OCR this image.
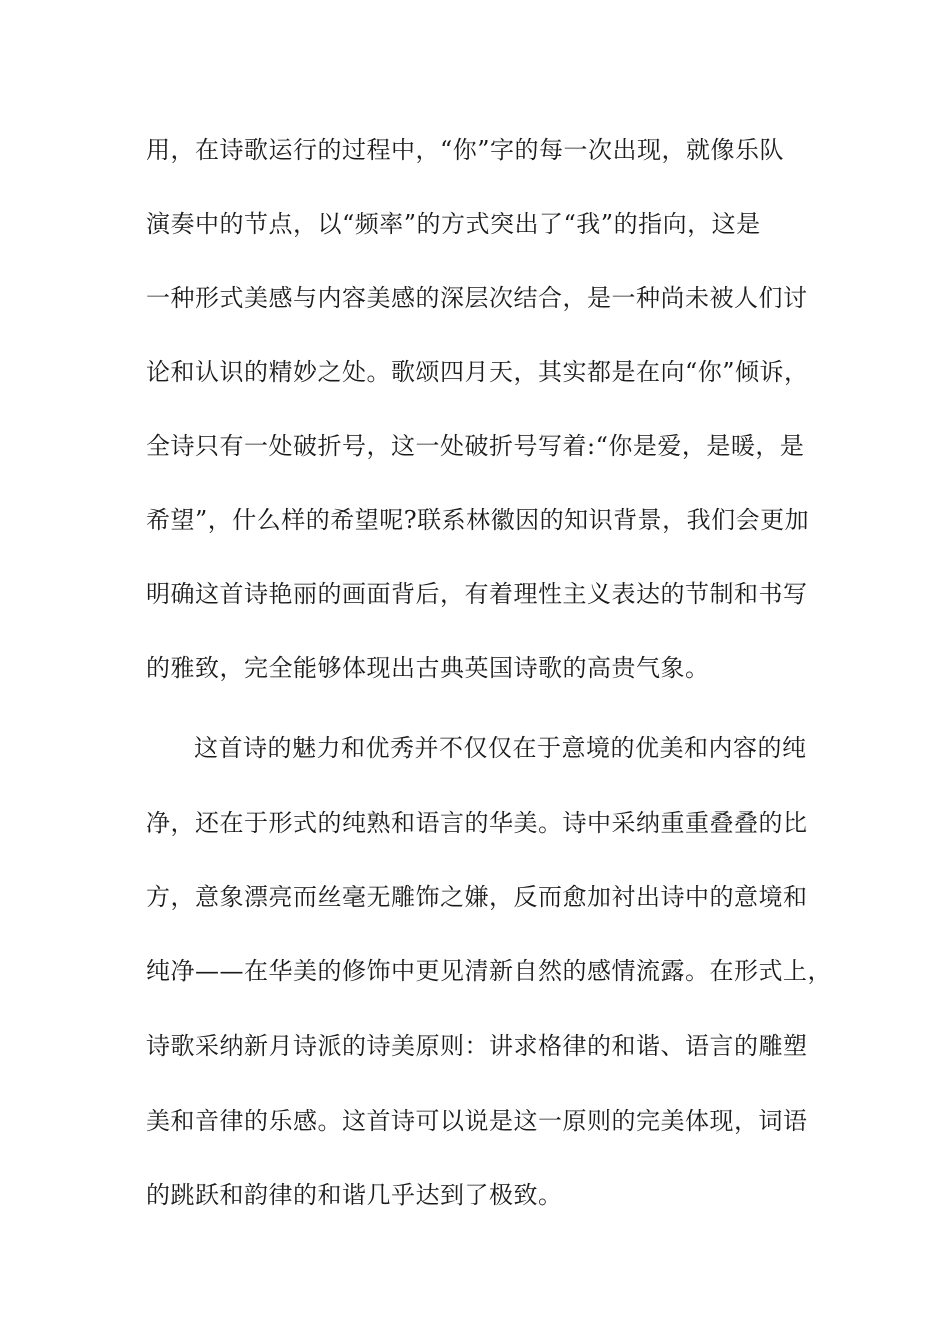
用，在诗歌运行的过程中，“你”字的每一次出现，就像乐队
演奏中的节点，以“频率”的方式突出了“我”的指向，这是
一种形式美感与内容美感的深层次结合，是一种尚未被人们讨
论和认识的精妙之处。歌颂四月天，其实都是在向“你”倾诉，
全诗只有一处破折号，这一处破折号写着:“你是爱，是暖，是
希望”，什么样的希望呢?联系林徽因的知识背景，我们会更加
明确这首诗艳丽的画面背后，有着理性主义表达的节制和书写
的雅致，完全能够体现出古典英国诗歌的高贵气象。
这首诗的魅力和优秀并不仅仅在于意境的优美和内容的纯
净，还在于形式的纯熟和语言的华美。诗中采纳重重叠叠的比
方，意象漂亮而丝毫无雕饰之嫌，反而愈加衬出诗中的意境和
纯净——在华美的修饰中更见清新自然的感情流露。在形式上，
诗歌采纳新月诗派的诗美原则：讲求格律的和谐、语言的雕塑
美和音律的乐感。这首诗可以说是这一原则的完美体现，词语
的跳跃和韵律的和谐几乎达到了极致。
